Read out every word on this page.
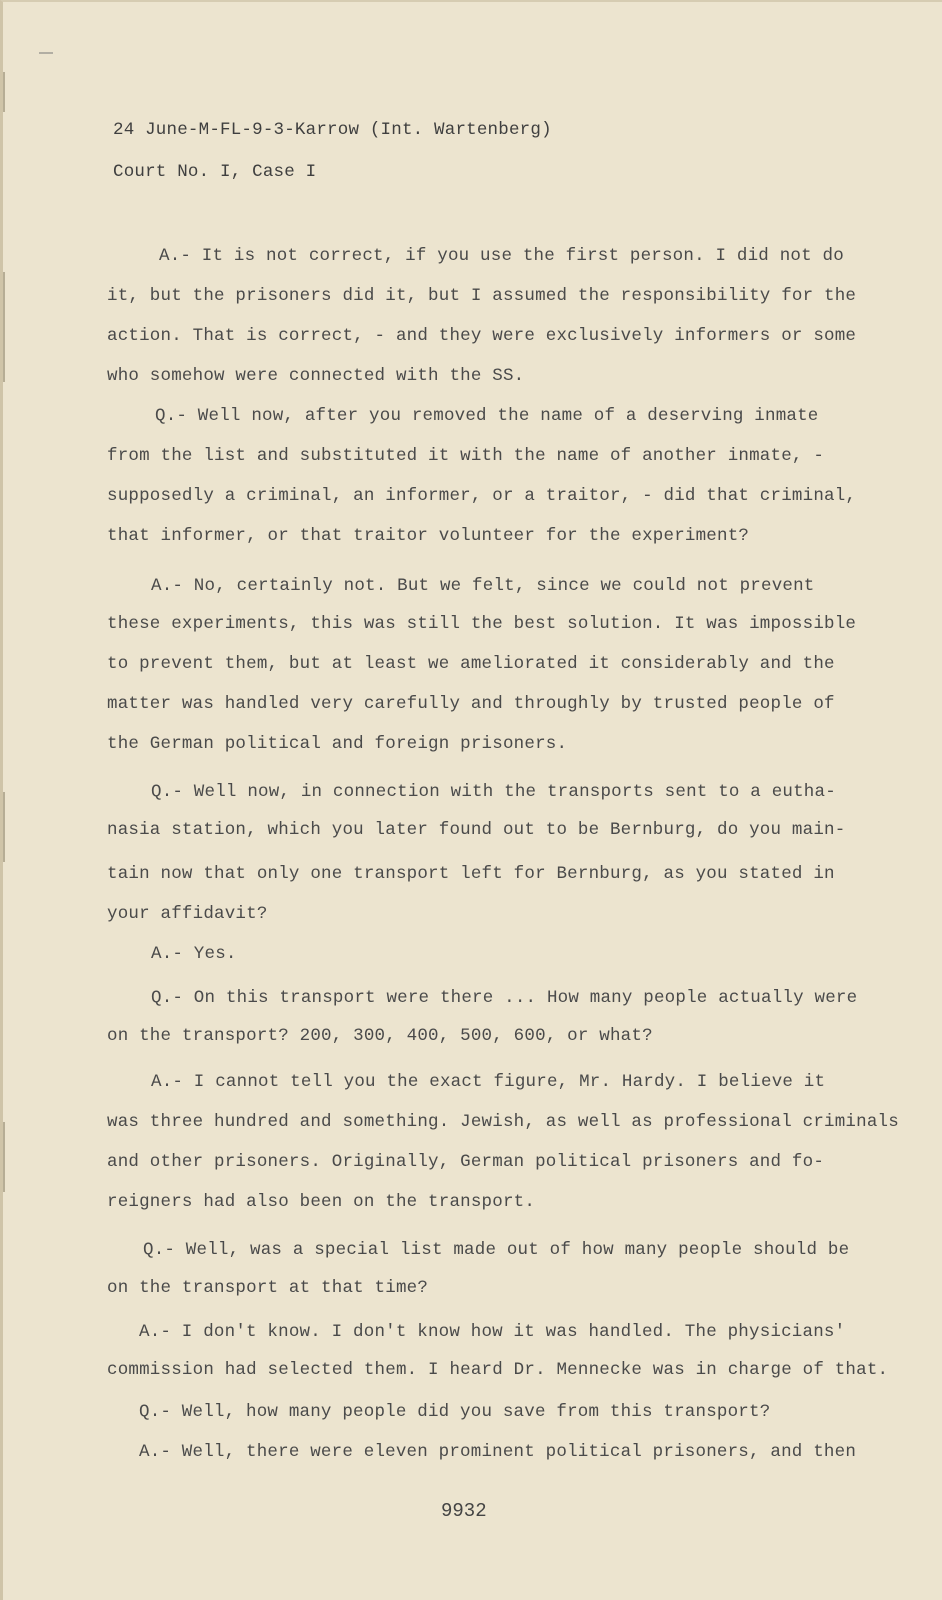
24 June-M-FL-9-3-Karrow (Int. Wartenberg)
Court No. I, Case I
A.- It is not correct, if you use the first person. I did not do
it, but the prisoners did it, but I assumed the responsibility for the
action. That is correct, - and they were exclusively informers or some
who somehow were connected with the SS.
Q.- Well now, after you removed the name of a deserving inmate
from the list and substituted it with the name of another inmate, -
supposedly a criminal, an informer, or a traitor, - did that criminal,
that informer, or that traitor volunteer for the experiment?
A.- No, certainly not. But we felt, since we could not prevent
these experiments, this was still the best solution. It was impossible
to prevent them, but at least we ameliorated it considerably and the
matter was handled very carefully and throughly by trusted people of
the German political and foreign prisoners.
Q.- Well now, in connection with the transports sent to a eutha-
nasia station, which you later found out to be Bernburg, do you main-
tain now that only one transport left for Bernburg, as you stated in
your affidavit?
A.- Yes.
Q.- On this transport were there ... How many people actually were
on the transport? 200, 300, 400, 500, 600, or what?
A.- I cannot tell you the exact figure, Mr. Hardy. I believe it
was three hundred and something. Jewish, as well as professional criminals
and other prisoners. Originally, German political prisoners and fo-
reigners had also been on the transport.
Q.- Well, was a special list made out of how many people should be
on the transport at that time?
A.- I don't know. I don't know how it was handled. The physicians'
commission had selected them. I heard Dr. Mennecke was in charge of that.
Q.- Well, how many people did you save from this transport?
A.- Well, there were eleven prominent political prisoners, and then
9932
